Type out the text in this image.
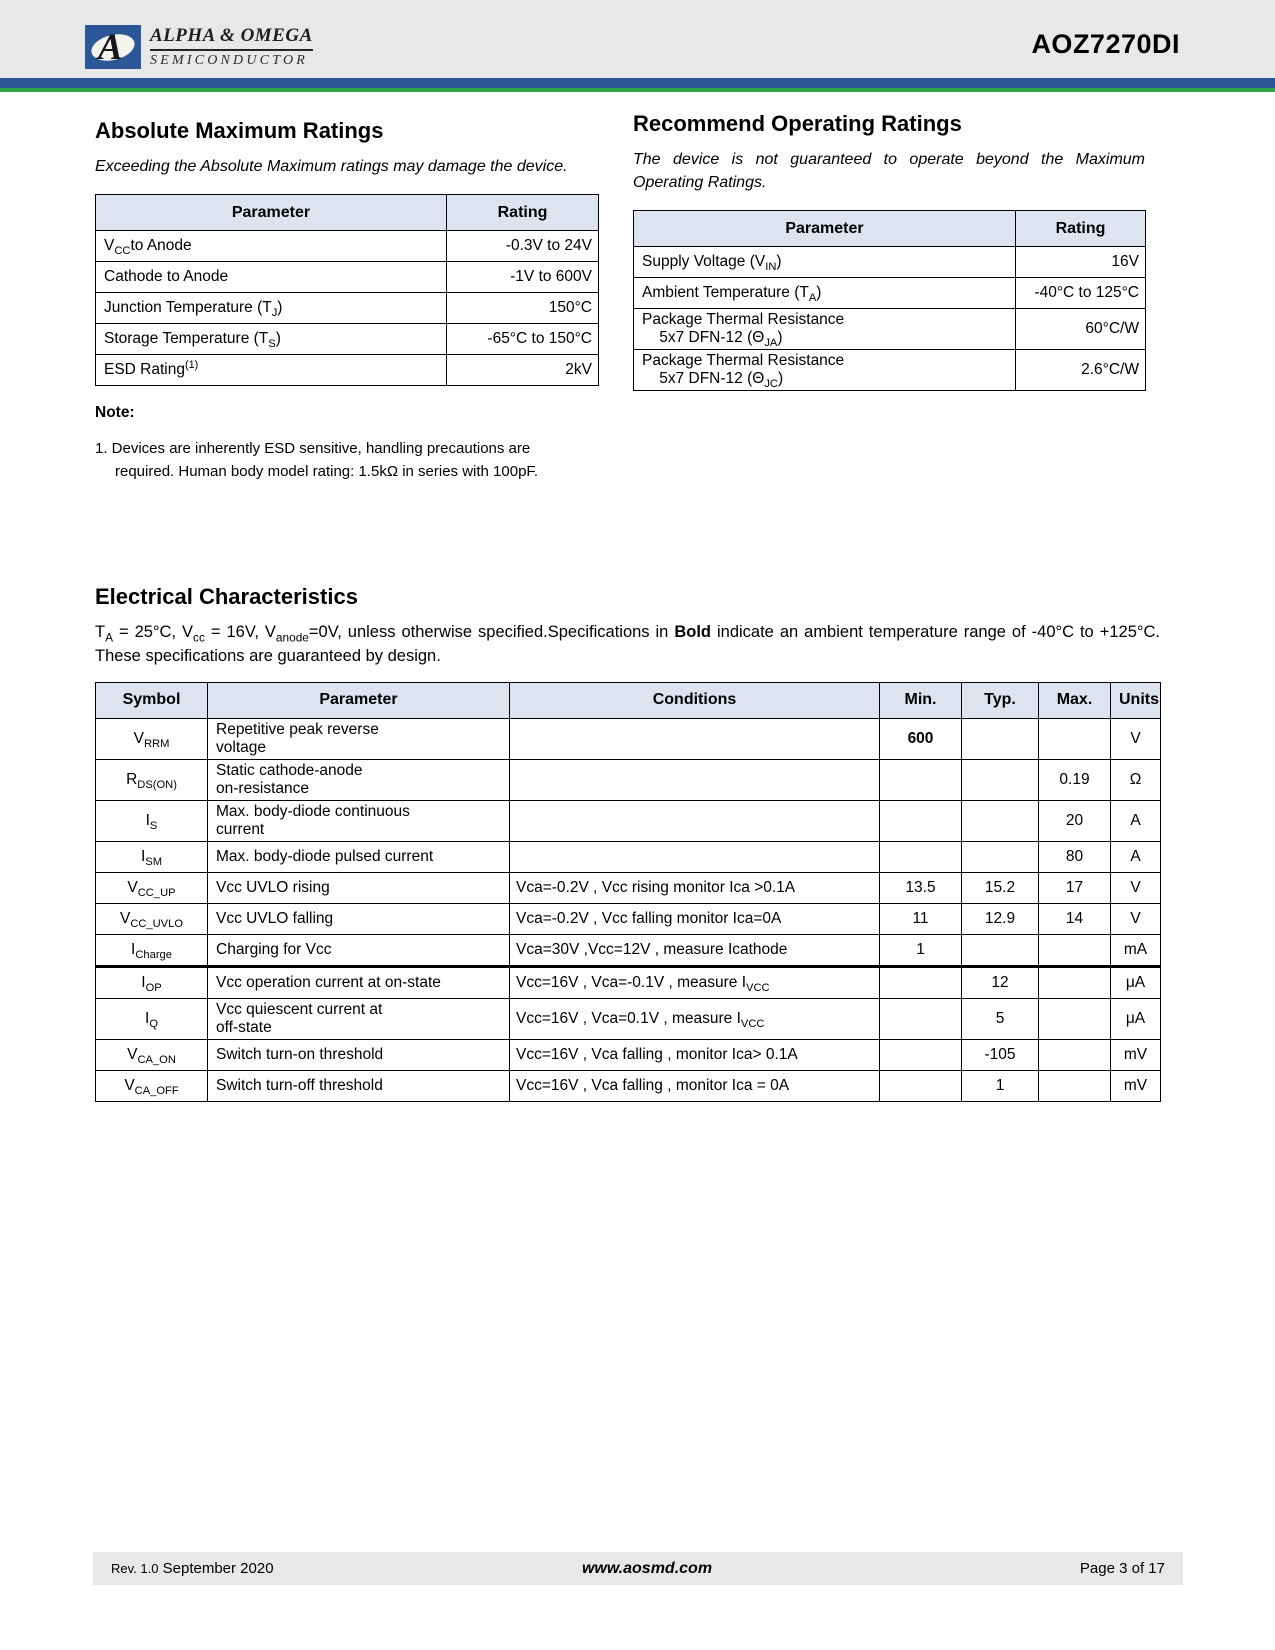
A ALPHA & OMEGA
SEMICONDUCTOR
AOZ7270DI
Absolute Maximum Ratings

Exceeding the Absolute Maximum ratings may damage the device.

Parameter	Rating
$V_{CC}to$ Anode	-0.3V to 24V
Cathode to Anode	-1V to 600V
Junction Temperature $(T_J)$	150°C
Storage Temperature $(T_S)$	-65°C to 150°C
ESD Rating$^{(1)}$	2kV
Note:
1. Devices are inherently ESD sensitive, handling precautions are
required. Human body model rating: 1.5kΩ in series with 100pF.
Recommend Operating Ratings

The device is not guaranteed to operate beyond the Maximum Operating Ratings.

Parameter	Rating
Supply Voltage $(V_{IN})$	16V
Ambient Temperature $(T_A)$	-40°C to 125°C
Package Thermal Resistance
5x7 DFN-12 $(\Theta_{JA})$	60°C/W
Package Thermal Resistance
5x7 DFN-12 $(\Theta_{JC})$	2.6°C/W
Electrical Characteristics

$T_A = 25^\circ C$, $V_{cc} = 16V$, $V_{anode}=0V$, unless otherwise specified.Specifications in Bold indicate an ambient temperature range of -40°C to +125°C. These specifications are guaranteed by design.

Symbol	Parameter	Conditions	Min.	Typ.	Max.	Units
$V_{RRM}$	Repetitive peak reverse
voltage		600			V
$R_{DS(ON)}$	Static cathode-anode
on-resistance				0.19	Ω
$I_S$	Max. body-diode continuous
current				20	A
$I_{SM}$	Max. body-diode pulsed current				80	A
$V_{CC\_UP}$	Vcc UVLO rising	Vca=-0.2V , Vcc rising monitor Ica >0.1A	13.5	15.2	17	V
$V_{CC\_UVLO}$	Vcc UVLO falling	Vca=-0.2V , Vcc falling monitor Ica=0A	11	12.9	14	V
$I_{Charge}$	Charging for Vcc	Vca=30V ,Vcc=12V , measure Icathode	1			mA
$I_{OP}$	Vcc operation current at on-state	Vcc=16V , Vca=-0.1V , measure $I_{VCC}$		12		μA
$I_Q$	Vcc quiescent current at
off-state	Vcc=16V , Vca=0.1V , measure $I_{VCC}$		5		μA
$V_{CA\_ON}$	Switch turn-on threshold	Vcc=16V , Vca falling , monitor Ica> 0.1A		-105		mV
$V_{CA\_OFF}$	Switch turn-off threshold	Vcc=16V , Vca falling , monitor Ica = 0A		1		mV
Rev. 1.0 September 2020	www.aosmd.com	Page 3 of 17
